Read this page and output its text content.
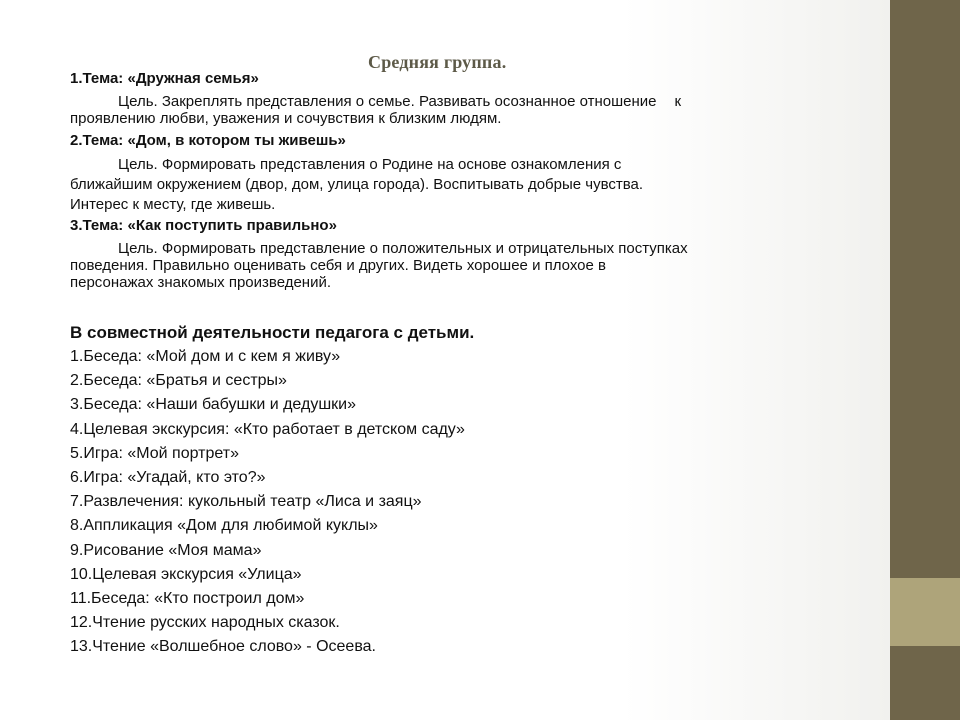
Средняя группа.
1.Тема: «Дружная семья»
Цель. Закреплять представления о семье. Развивать осознанное отношение к
проявлению любви, уважения и сочувствия к близким людям.
2.Тема: «Дом, в котором ты живешь»
Цель. Формировать представления о Родине на основе ознакомления с
ближайшим окружением (двор, дом, улица города). Воспитывать добрые чувства.
Интерес к месту, где живешь.
3.Тема: «Как поступить правильно»
Цель. Формировать представление о положительных и отрицательных поступках
поведения. Правильно оценивать себя и других. Видеть хорошее и плохое в
персонажах знакомых произведений.
В совместной деятельности педагога с детьми.
1.Беседа: «Мой дом и с кем я живу»
2.Беседа: «Братья и сестры»
3.Беседа: «Наши бабушки и дедушки»
4.Целевая экскурсия: «Кто работает в детском саду»
5.Игра: «Мой портрет»
6.Игра: «Угадай, кто это?»
7.Развлечения: кукольный театр «Лиса и заяц»
8.Аппликация «Дом для любимой куклы»
9.Рисование «Моя мама»
10.Целевая экскурсия «Улица»
11.Беседа: «Кто построил дом»
12.Чтение русских народных сказок.
13.Чтение «Волшебное слово» - Осеева.
